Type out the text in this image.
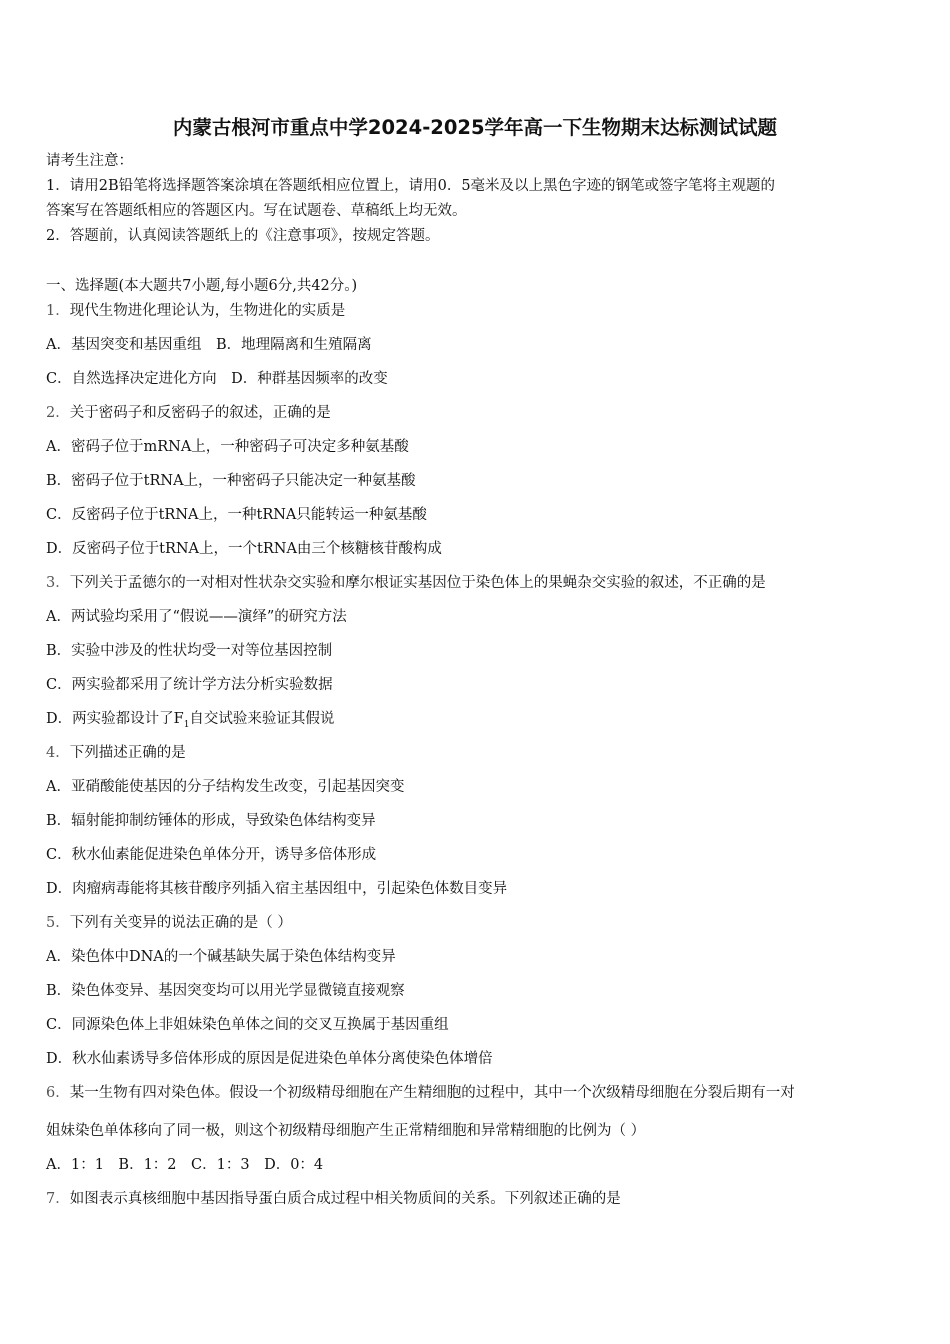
内蒙古根河市重点中学2024-2025学年高一下生物期末达标测试试题
请考生注意：
1．请用2B铅笔将选择题答案涂填在答题纸相应位置上，请用0．5毫米及以上黑色字迹的钢笔或签字笔将主观题的
答案写在答题纸相应的答题区内。写在试题卷、草稿纸上均无效。
2．答题前，认真阅读答题纸上的《注意事项》，按规定答题。
一、选择题(本大题共7小题,每小题6分,共42分。)
1．现代生物进化理论认为，生物进化的实质是
A．基因突变和基因重组　B．地理隔离和生殖隔离
C．自然选择决定进化方向　D．种群基因频率的改变
2．关于密码子和反密码子的叙述，正确的是
A．密码子位于mRNA上，一种密码子可决定多种氨基酸
B．密码子位于tRNA上，一种密码子只能决定一种氨基酸
C．反密码子位于tRNA上，一种tRNA只能转运一种氨基酸
D．反密码子位于tRNA上，一个tRNA由三个核糖核苷酸构成
3．下列关于孟德尔的一对相对性状杂交实验和摩尔根证实基因位于染色体上的果蝇杂交实验的叙述，不正确的是
A．两试验均采用了“假说——演绎”的研究方法
B．实验中涉及的性状均受一对等位基因控制
C．两实验都采用了统计学方法分析实验数据
D．两实验都设计了$F_1$自交试验来验证其假说
4．下列描述正确的是
A．亚硝酸能使基因的分子结构发生改变，引起基因突变
B．辐射能抑制纺锤体的形成，导致染色体结构变异
C．秋水仙素能促进染色单体分开，诱导多倍体形成
D．肉瘤病毒能将其核苷酸序列插入宿主基因组中，引起染色体数目变异
5．下列有关变异的说法正确的是（ ）
A．染色体中DNA的一个碱基缺失属于染色体结构变异
B．染色体变异、基因突变均可以用光学显微镜直接观察
C．同源染色体上非姐妹染色单体之间的交叉互换属于基因重组
D．秋水仙素诱导多倍体形成的原因是促进染色单体分离使染色体增倍
6．某一生物有四对染色体。假设一个初级精母细胞在产生精细胞的过程中，其中一个次级精母细胞在分裂后期有一对
姐妹染色单体移向了同一极，则这个初级精母细胞产生正常精细胞和异常精细胞的比例为（ ）
A．1：1　B．1：2　C．1：3　D．0：4
7．如图表示真核细胞中基因指导蛋白质合成过程中相关物质间的关系。下列叙述正确的是
